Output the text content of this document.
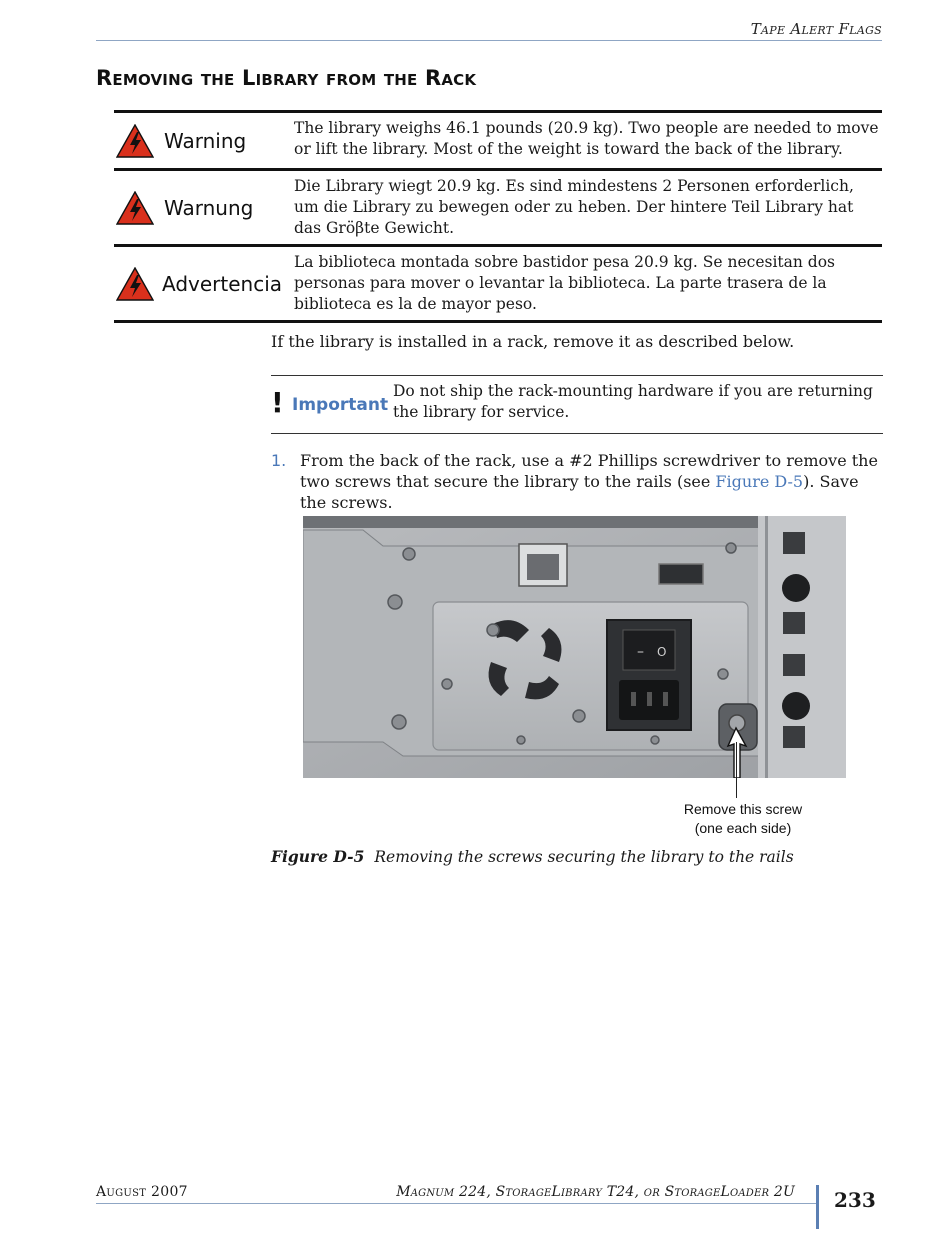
Tape Alert Flags
Removing the Library from the Rack
Warning
The library weighs 46.1 pounds (20.9 kg). Two people are needed to move or lift the library. Most of the weight is toward the back of the library.
Warnung
Die Library wiegt 20.9 kg. Es sind mindestens 2 Personen erforderlich, um die Library zu bewegen oder zu heben. Der hintere Teil Library hat das Gröβte Gewicht.
Advertencia
La biblioteca montada sobre bastidor pesa 20.9 kg. Se necesitan dos personas para mover o levantar la biblioteca. La parte trasera de la biblioteca es la de mayor peso.
If the library is installed in a rack, remove it as described below.
! Important
Do not ship the rack-mounting hardware if you are returning the library for service.
1. From the back of the rack, use a #2 Phillips screwdriver to remove the two screws that secure the library to the rails (see Figure D-5). Save the screws.
– O
Remove this screw
(one each side)
Figure D-5 Removing the screws securing the library to the rails
August 2007	Magnum 224, StorageLibrary T24, or StorageLoader 2U 233
